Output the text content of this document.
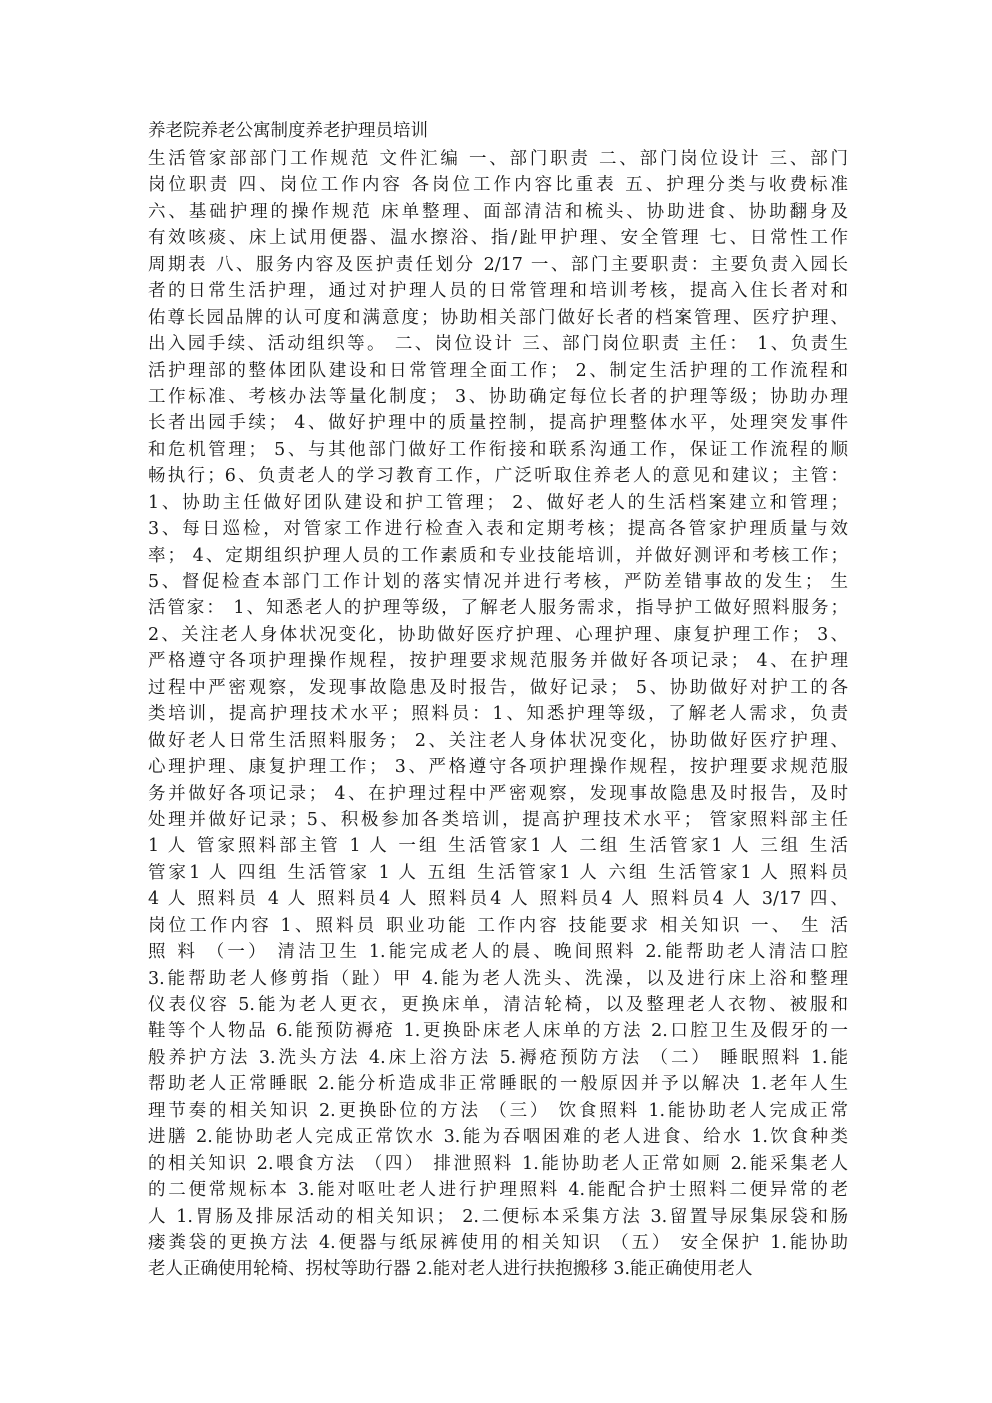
养老院养老公寓制度养老护理员培训
生活管家部部门工作规范 文件汇编 一、部门职责 二、部门岗位设计 三、部门
岗位职责 四、岗位工作内容 各岗位工作内容比重表 五、护理分类与收费标准
六、基础护理的操作规范 床单整理、面部清洁和梳头、协助进食、协助翻身及
有效咳痰、床上试用便器、温水擦浴、指/趾甲护理、安全管理 七、日常性工作
周期表 八、服务内容及医护责任划分 2/17 一、部门主要职责：主要负责入园长
者的日常生活护理，通过对护理人员的日常管理和培训考核，提高入住长者对和
佑尊长园品牌的认可度和满意度；协助相关部门做好长者的档案管理、医疗护理、
出入园手续、活动组织等。 二、岗位设计 三、部门岗位职责 主任： 1、负责生
活护理部的整体团队建设和日常管理全面工作； 2、制定生活护理的工作流程和
工作标准、考核办法等量化制度； 3、协助确定每位长者的护理等级；协助办理
长者出园手续； 4、做好护理中的质量控制，提高护理整体水平，处理突发事件
和危机管理； 5、与其他部门做好工作衔接和联系沟通工作，保证工作流程的顺
畅执行；6、负责老人的学习教育工作，广泛听取住养老人的意见和建议；主管：
1、协助主任做好团队建设和护工管理； 2、做好老人的生活档案建立和管理；
3、每日巡检，对管家工作进行检查入表和定期考核；提高各管家护理质量与效
率； 4、定期组织护理人员的工作素质和专业技能培训，并做好测评和考核工作；
5、督促检查本部门工作计划的落实情况并进行考核，严防差错事故的发生； 生
活管家： 1、知悉老人的护理等级，了解老人服务需求，指导护工做好照料服务；
2、关注老人身体状况变化，协助做好医疗护理、心理护理、康复护理工作； 3、
严格遵守各项护理操作规程，按护理要求规范服务并做好各项记录； 4、在护理
过程中严密观察，发现事故隐患及时报告，做好记录； 5、协助做好对护工的各
类培训，提高护理技术水平；照料员：1、知悉护理等级，了解老人需求，负责
做好老人日常生活照料服务； 2、关注老人身体状况变化，协助做好医疗护理、
心理护理、康复护理工作； 3、严格遵守各项护理操作规程，按护理要求规范服
务并做好各项记录； 4、在护理过程中严密观察，发现事故隐患及时报告，及时
处理并做好记录；5、积极参加各类培训，提高护理技术水平； 管家照料部主任
1 人 管家照料部主管 1 人 一组 生活管家1 人 二组 生活管家1 人 三组 生活
管家1 人 四组 生活管家 1 人 五组 生活管家1 人 六组 生活管家1 人 照料员
4 人 照料员 4 人 照料员4 人 照料员4 人 照料员4 人 照料员4 人 3/17 四、
岗位工作内容 1、照料员 职业功能 工作内容 技能要求 相关知识 一、 生 活
照 料 （一） 清洁卫生 1.能完成老人的晨、晚间照料 2.能帮助老人清洁口腔
3.能帮助老人修剪指（趾）甲 4.能为老人洗头、洗澡，以及进行床上浴和整理
仪表仪容 5.能为老人更衣，更换床单，清洁轮椅，以及整理老人衣物、被服和
鞋等个人物品 6.能预防褥疮 1.更换卧床老人床单的方法 2.口腔卫生及假牙的一
般养护方法 3.洗头方法 4.床上浴方法 5.褥疮预防方法 （二） 睡眠照料 1.能
帮助老人正常睡眠 2.能分析造成非正常睡眠的一般原因并予以解决 1.老年人生
理节奏的相关知识 2.更换卧位的方法 （三） 饮食照料 1.能协助老人完成正常
进膳 2.能协助老人完成正常饮水 3.能为吞咽困难的老人进食、给水 1.饮食种类
的相关知识 2.喂食方法 （四） 排泄照料 1.能协助老人正常如厕 2.能采集老人
的二便常规标本 3.能对呕吐老人进行护理照料 4.能配合护士照料二便异常的老
人 1.胃肠及排尿活动的相关知识； 2.二便标本采集方法 3.留置导尿集尿袋和肠
瘘粪袋的更换方法 4.便器与纸尿裤使用的相关知识 （五） 安全保护 1.能协助
老人正确使用轮椅、拐杖等助行器 2.能对老人进行扶抱搬移 3.能正确使用老人
